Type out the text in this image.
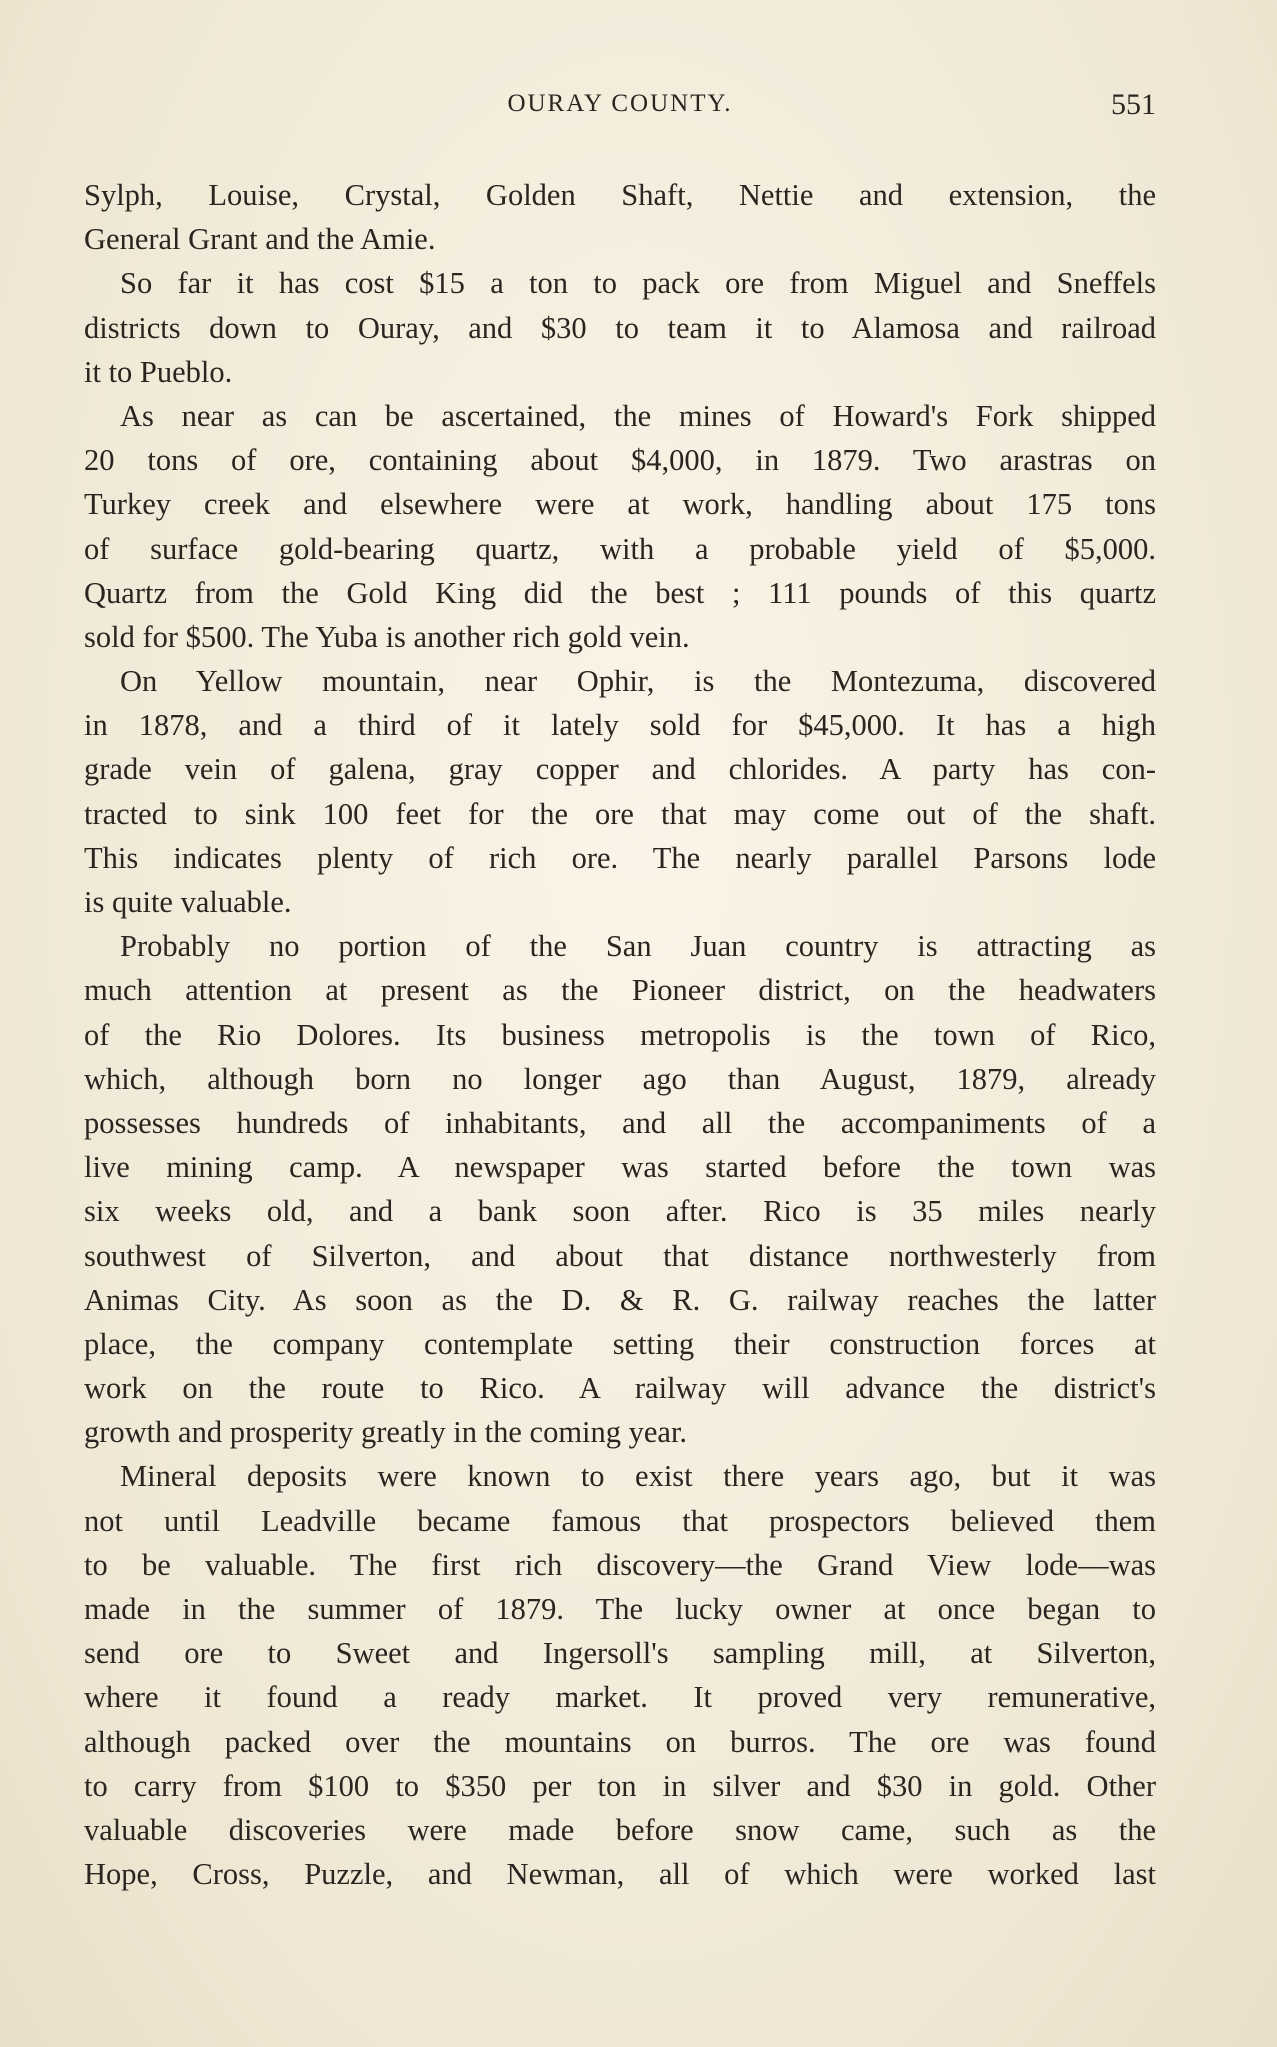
OURAY COUNTY.	551
Sylph, Louise, Crystal, Golden Shaft, Nettie and extension, the
General Grant and the Amie.
So far it has cost $15 a ton to pack ore from Miguel and Sneffels
districts down to Ouray, and $30 to team it to Alamosa and railroad
it to Pueblo.
As near as can be ascertained, the mines of Howard's Fork shipped
20 tons of ore, containing about $4,000, in 1879. Two arastras on
Turkey creek and elsewhere were at work, handling about 175 tons
of surface gold-bearing quartz, with a probable yield of $5,000.
Quartz from the Gold King did the best ; 111 pounds of this quartz
sold for $500. The Yuba is another rich gold vein.
On Yellow mountain, near Ophir, is the Montezuma, discovered
in 1878, and a third of it lately sold for $45,000. It has a high
grade vein of galena, gray copper and chlorides. A party has con-
tracted to sink 100 feet for the ore that may come out of the shaft.
This indicates plenty of rich ore. The nearly parallel Parsons lode
is quite valuable.
Probably no portion of the San Juan country is attracting as
much attention at present as the Pioneer district, on the headwaters
of the Rio Dolores. Its business metropolis is the town of Rico,
which, although born no longer ago than August, 1879, already
possesses hundreds of inhabitants, and all the accompaniments of a
live mining camp. A newspaper was started before the town was
six weeks old, and a bank soon after. Rico is 35 miles nearly
southwest of Silverton, and about that distance northwesterly from
Animas City. As soon as the D. & R. G. railway reaches the latter
place, the company contemplate setting their construction forces at
work on the route to Rico. A railway will advance the district's
growth and prosperity greatly in the coming year.
Mineral deposits were known to exist there years ago, but it was
not until Leadville became famous that prospectors believed them
to be valuable. The first rich discovery—the Grand View lode—was
made in the summer of 1879. The lucky owner at once began to
send ore to Sweet and Ingersoll's sampling mill, at Silverton,
where it found a ready market. It proved very remunerative,
although packed over the mountains on burros. The ore was found
to carry from $100 to $350 per ton in silver and $30 in gold. Other
valuable discoveries were made before snow came, such as the
Hope, Cross, Puzzle, and Newman, all of which were worked last
